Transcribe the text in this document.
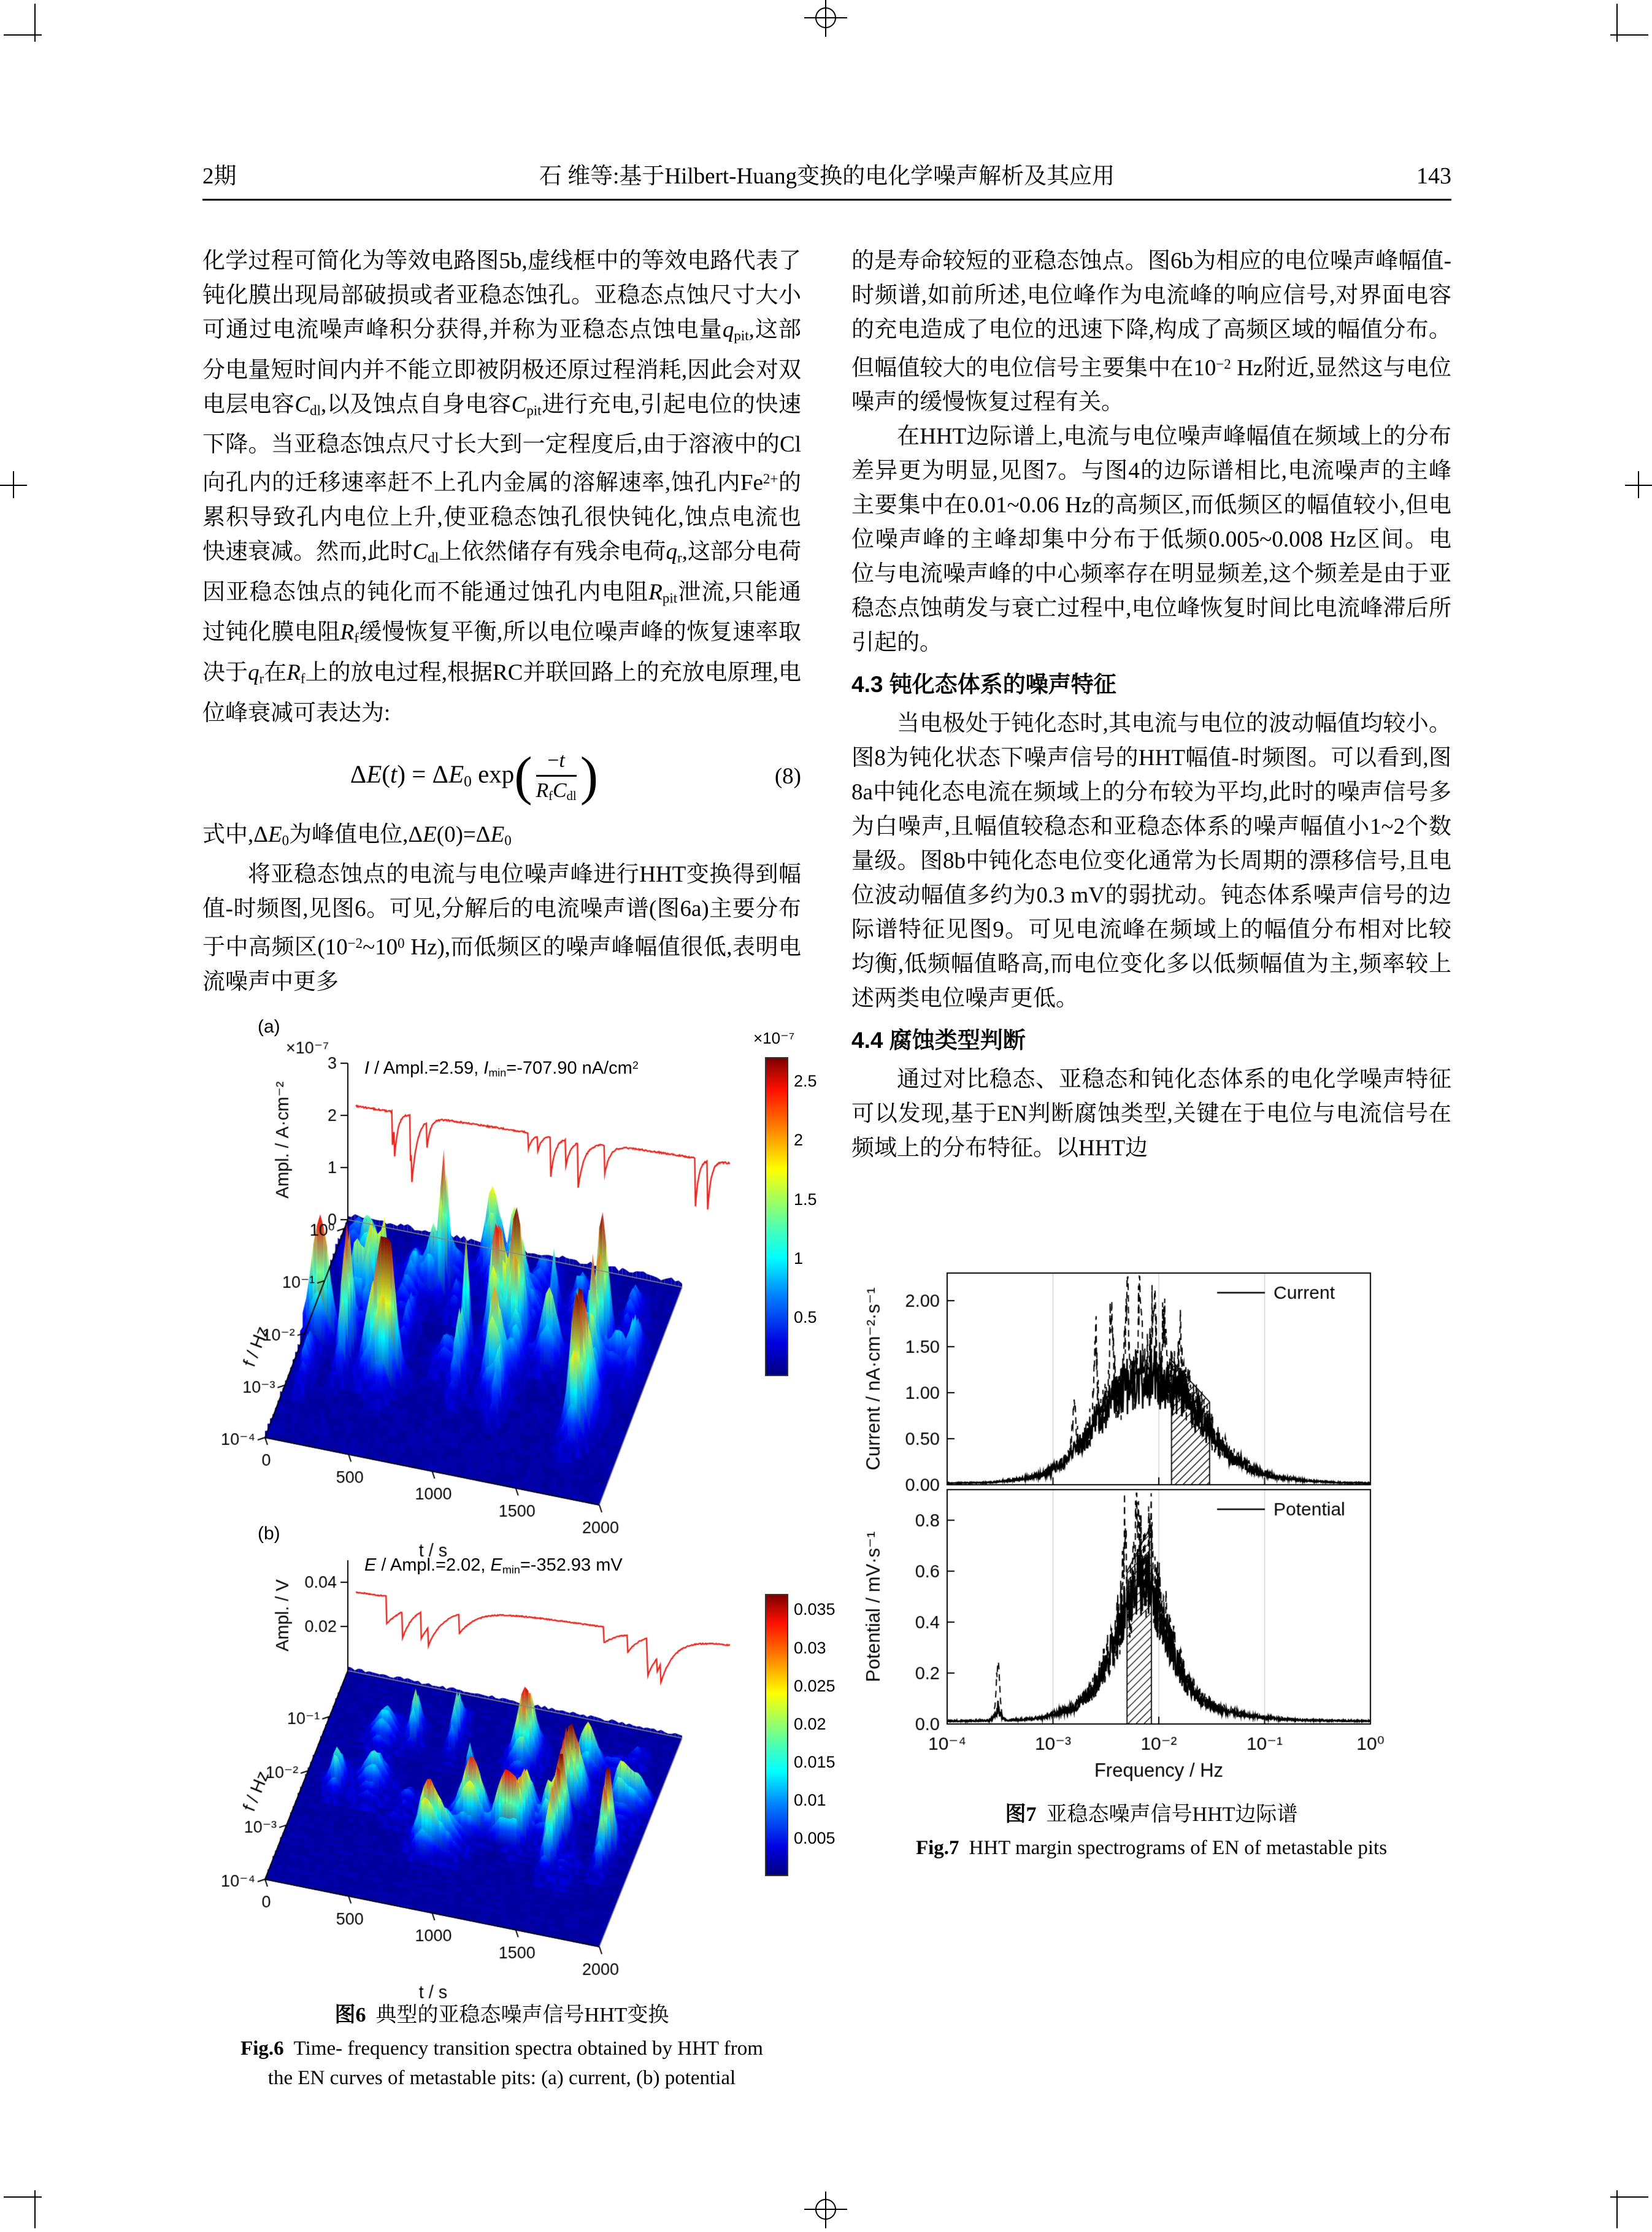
2期	石 维等:基于Hilbert-Huang变换的电化学噪声解析及其应用	143

化学过程可简化为等效电路图5b,虚线框中的等效电路代表了钝化膜出现局部破损或者亚稳态蚀孔。亚稳态点蚀尺寸大小可通过电流噪声峰积分获得,并称为亚稳态点蚀电量$q_{pit}$,这部分电量短时间内并不能立即被阴极还原过程消耗,因此会对双电层电容$C_{dl}$,以及蚀点自身电容$C_{pit}$进行充电,引起电位的快速下降。当亚稳态蚀点尺寸长大到一定程度后,由于溶液中的Cl向孔内的迁移速率赶不上孔内金属的溶解速率,蚀孔内$Fe^{2+}$的累积导致孔内电位上升,使亚稳态蚀孔很快钝化,蚀点电流也快速衰减。然而,此时$C_{dl}$上依然储存有残余电荷$q_r$,这部分电荷因亚稳态蚀点的钝化而不能通过蚀孔内电阻$R_{pit}$泄流,只能通过钝化膜电阻$R_f$缓慢恢复平衡,所以电位噪声峰的恢复速率取决于$q_r$在$R_f$上的放电过程,根据RC并联回路上的充放电原理,电位峰衰减可表达为:

$\Delta E(t) = \Delta E_0$ $\exp( \frac{-t}{R_fC_{dl}}$ )	(8)

式中$,\Delta E_0$为峰值电位$,\Delta E(0)=\Delta E_0$

将亚稳态蚀点的电流与电位噪声峰进行HHT变换得到幅值-时频图,见图6。可见,分解后的电流噪声谱(图6a)主要分布于中高频区($10^{-2}\sim 10^0$ Hz),而低频区的噪声峰幅值很低,表明电流噪声中更多

(a)
I / Ampl.=2.59, $I_{min}=-707.90$ $nA/cm^2$
×10⁻⁷
2.5
2
1.5
1
0.5
(b)
E / Ampl.=2.02, $E_{min}=-352.93$ mV
0.035
0.03
0.025
0.02
0.015
0.01
0.005
Fig.6 Time- frequency transition spectra obtained by HHT from the EN curves of metastable pits: (a) current, (b) potential

的是寿命较短的亚稳态蚀点。图6b为相应的电位噪声峰幅值-时频谱,如前所述,电位峰作为电流峰的响应信号,对界面电容的充电造成了电位的迅速下降,构成了高频区域的幅值分布。但幅值较大的电位信号主要集中在$10^{-2}$ Hz附近,显然这与电位噪声的缓慢恢复过程有关。

在HHT边际谱上,电流与电位噪声峰幅值在频域上的分布差异更为明显,见图7。与图4的边际谱相比,电流噪声的主峰主要集中在0.01~0.06 Hz的高频区,而低频区的幅值较小,但电位噪声峰的主峰却集中分布于低频0.005~0.008 Hz区间。电位与电流噪声峰的中心频率存在明显频差,这个频差是由于亚稳态点蚀萌发与衰亡过程中,电位峰恢复时间比电流峰滞后所引起的。

4.3 钝化态体系的噪声特征

当电极处于钝化态时,其电流与电位的波动幅值均较小。图8为钝化状态下噪声信号的HHT幅值-时频图。可以看到,图8a中钝化态电流在频域上的分布较为平均,此时的噪声信号多为白噪声,且幅值较稳态和亚稳态体系的噪声幅值小1~2个数量级。图8b中钝化态电位变化通常为长周期的漂移信号,且电位波动幅值多约为0.3 mV的弱扰动。钝态体系噪声信号的边际谱特征见图9。可见电流峰在频域上的幅值分布相对比较均衡,低频幅值略高,而电位变化多以低频幅值为主,频率较上述两类电位噪声更低。

4.4 腐蚀类型判断

通过对比稳态、亚稳态和钝化态体系的电化学噪声特征可以发现,基于EN判断腐蚀类型,关键在于电位与电流信号在频域上的分布特征。以HHT边

图7 亚稳态噪声信号HHT边际谱
Fig.7 HHT margin spectrograms of EN of metastable pits
